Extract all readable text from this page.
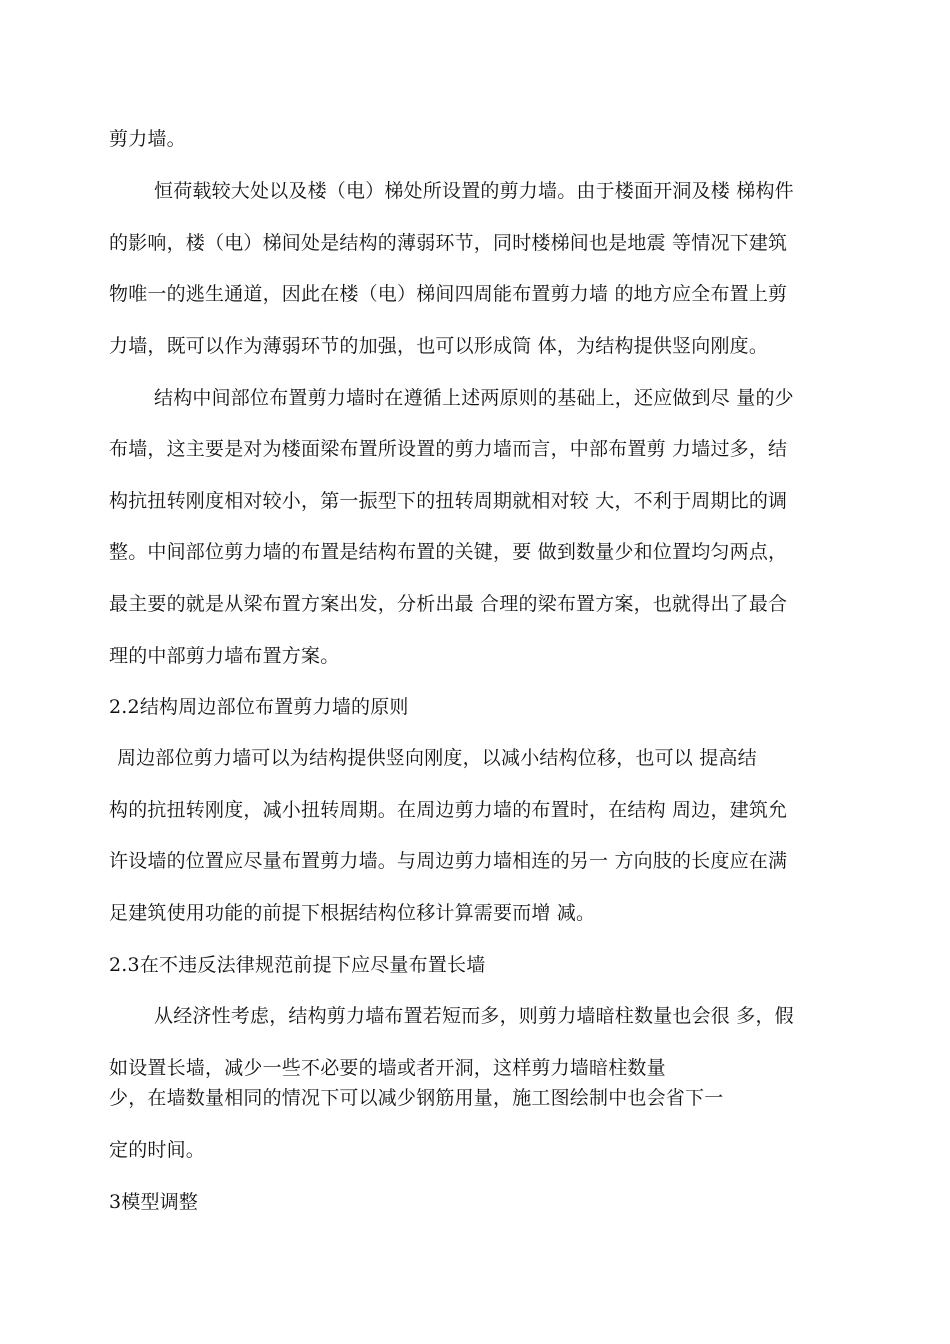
剪力墙。
恒荷载较大处以及楼（电）梯处所设置的剪力墙。由于楼面开洞及楼 梯构件
的影响，楼（电）梯间处是结构的薄弱环节，同时楼梯间也是地震 等情况下建筑
物唯一的逃生通道，因此在楼（电）梯间四周能布置剪力墙 的地方应全布置上剪
力墙，既可以作为薄弱环节的加强，也可以形成筒 体，为结构提供竖向刚度。
结构中间部位布置剪力墙时在遵循上述两原则的基础上，还应做到尽 量的少
布墙，这主要是对为楼面梁布置所设置的剪力墙而言，中部布置剪 力墙过多，结
构抗扭转刚度相对较小，第一振型下的扭转周期就相对较 大，不利于周期比的调
整。中间部位剪力墙的布置是结构布置的关键，要 做到数量少和位置均匀两点，
最主要的就是从梁布置方案出发，分析出最 合理的梁布置方案，也就得出了最合
理的中部剪力墙布置方案。
2.2结构周边部位布置剪力墙的原则
周边部位剪力墙可以为结构提供竖向刚度，以减小结构位移，也可以 提高结
构的抗扭转刚度，减小扭转周期。在周边剪力墙的布置时，在结构 周边，建筑允
许设墙的位置应尽量布置剪力墙。与周边剪力墙相连的另一 方向肢的长度应在满
足建筑使用功能的前提下根据结构位移计算需要而增 减。
2.3在不违反法律规范前提下应尽量布置长墙
从经济性考虑，结构剪力墙布置若短而多，则剪力墙暗柱数量也会很 多，假
如设置长墙，减少一些不必要的墙或者开洞，这样剪力墙暗柱数量
少，在墙数量相同的情况下可以减少钢筋用量，施工图绘制中也会省下一
定的时间。
3模型调整
